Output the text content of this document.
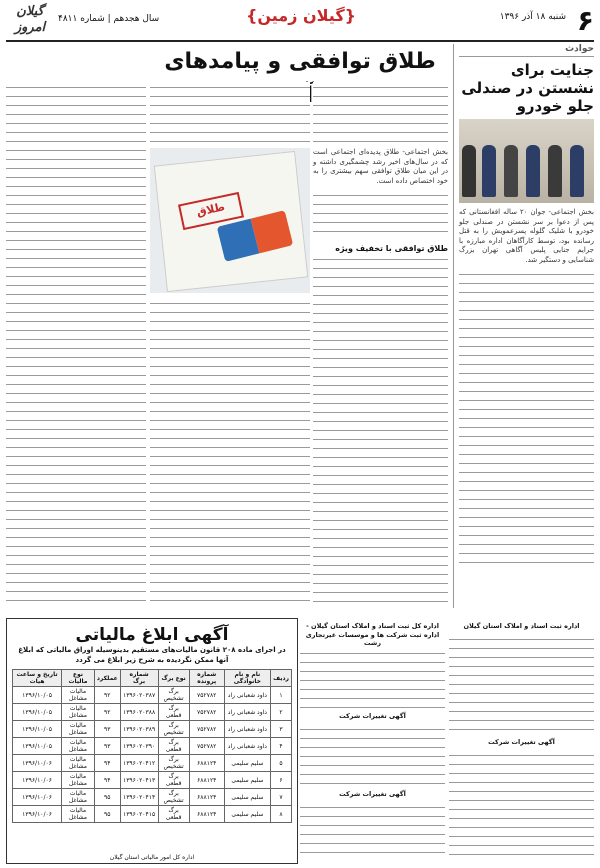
۶
شنبه ۱۸ آذر ۱۳۹۶
{گیلان زمین}
سال هجدهم | شماره ۴۸۱۱
گیلان امروز
حوادث
جنایت برای نشستن در صندلی جلو خودرو
بخش اجتماعی- جوان ۲۰ ساله افغانستانی که پس از دعوا بر سر نشستن در صندلی جلو خودرو با شلیک گلوله پسرعمویش را به قتل رسانده بود، توسط کارآگاهان اداره مبارزه با جرایم جنایی پلیس آگاهی تهران بزرگ شناسایی و دستگیر شد.
طلاق توافقی و پیامدهای
بخش اجتماعی- طلاق پدیده‌ای اجتماعی است که در سال‌های اخیر رشد چشمگیری داشته و در این میان طلاق توافقی سهم بیشتری را به خود اختصاص داده است.
طلاق توافقی با تخفیف ویژه
طلاق
آگهی ابلاغ مالیاتی
در اجرای ماده ۲۰۸ قانون مالیات‌های مستقیم بدینوسیله اوراق مالیاتی که ابلاغ آنها ممکن نگردیده به شرح زیر ابلاغ می گردد
ردیف	نام و نام خانوادگی	شماره پرونده	نوع برگ	شماره برگ	عملکرد	نوع مالیات	تاریخ و ساعت هیات
۱	داود شعبانی راد	۷۵۲۷۸۲	برگ تشخیص	۱۳۹۶۰۲۰۳۸۷	۹۲	مالیات مشاغل	۱۳۹۶/۱۰/۰۵
۲	داود شعبانی راد	۷۵۲۷۸۲	برگ قطعی	۱۳۹۶۰۲۰۳۸۸	۹۲	مالیات مشاغل	۱۳۹۶/۱۰/۰۵
۳	داود شعبانی راد	۷۵۲۷۸۲	برگ تشخیص	۱۳۹۶۰۲۰۳۸۹	۹۳	مالیات مشاغل	۱۳۹۶/۱۰/۰۵
۴	داود شعبانی راد	۷۵۲۷۸۲	برگ قطعی	۱۳۹۶۰۲۰۳۹۰	۹۳	مالیات مشاغل	۱۳۹۶/۱۰/۰۵
۵	سلیم سلیمی	۶۸۸۱۲۴	برگ تشخیص	۱۳۹۶۰۲۰۴۱۲	۹۴	مالیات مشاغل	۱۳۹۶/۱۰/۰۶
۶	سلیم سلیمی	۶۸۸۱۲۴	برگ قطعی	۱۳۹۶۰۲۰۴۱۳	۹۴	مالیات مشاغل	۱۳۹۶/۱۰/۰۶
۷	سلیم سلیمی	۶۸۸۱۲۴	برگ تشخیص	۱۳۹۶۰۲۰۴۱۴	۹۵	مالیات مشاغل	۱۳۹۶/۱۰/۰۶
۸	سلیم سلیمی	۶۸۸۱۲۴	برگ قطعی	۱۳۹۶۰۲۰۴۱۵	۹۵	مالیات مشاغل	۱۳۹۶/۱۰/۰۶
اداره کل امور مالیاتی استان گیلان
اداره ثبت اسناد و املاک استان گیلان
آگهی تغییرات شرکت
اداره کل ثبت اسناد و املاک استان گیلان - اداره ثبت شرکت ها و موسسات غیرتجاری رشت
آگهی تغییرات شرکت
آگهی تغییرات شرکت
